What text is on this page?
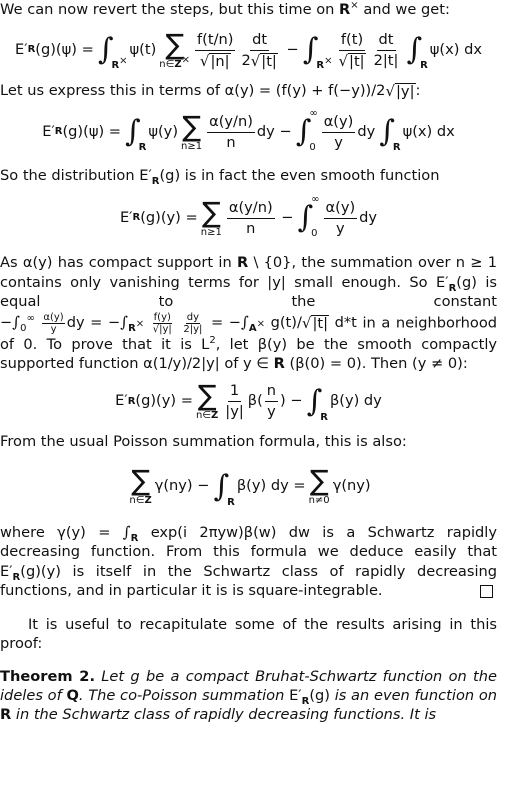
We can now revert the steps, but this time on R× and we get:

E ′ R (g)(ψ) = ∫

R×
ψ(t) ∑
n∈Z× $\frac{f(t/n)}{√ |n|} \frac{dt}{2 √ |t|}$ − ∫

$R^\times \frac{f(t)}{√ |t|} \frac{dt}{2|t|}$ ∫

R
ψ(x) dx

Let us express this in terms of α(y) = (f(y) + f(−y))/2 √ |y| :

E ′ R (g)(ψ) = ∫

R
ψ(y) ∑
$n\ge 1 \frac{\alpha(y/n)}{n}$ dy − ∫
∞
$0 \frac{\alpha(y)}{y}$ dy ∫

R
ψ(x) dx

So the distribution $E'_R(g)$ is in fact the even smooth function

E′ R (g)(y) = ∑
$n\ge 1 \frac{\alpha(y/n)}{n}$ − ∫
∞
$0 \frac{\alpha(y)}{y}$ dy

As α(y) has compact support in R \ {0}, the summation over n ≥ 1 contains only vanishing terms for |y| small enough. So $E'_R(g)$ is equal to the constant $-\int_0^\infty \frac{\alpha(y)}{y}$ dy = $-\int_{R^\times} \frac{f(y)}{√|y|}$
$\frac{dy}{2|y|} = -\int_{A^\times}$ g(t)/ √ |t| d*t in a neighborhood of 0. To prove that it is $L^2$, let β(y) be the smooth compactly supported function α(1/y)/2|y| of y ∈ R (β(0) = 0). Then (y ≠ 0):

E′ R (g)(y) = ∑
n∈Z $\frac{1}{|y|} \beta( \frac{n}{y}$ ) − ∫

R
β(y) dy

From the usual Poisson summation formula, this is also:

∑
n∈Z
γ(ny) − ∫

R
β(y) dy = ∑
n≠0
γ(ny)

where $\gamma(y) = \int_R$ exp(i 2πyw)β(w) dw is a Schwartz rapidly decreasing function. From this formula we deduce easily that $E'_R(g)(y)$ is itself in the Schwartz class of rapidly decreasing functions, and in particular it is is square-integrable.

It is useful to recapitulate some of the results arising in this proof:

Theorem 2. Let g be a compact Bruhat-Schwartz function on the ideles of Q. The co-Poisson summation $E'_R(g)$ is an even function on R in the Schwartz class of rapidly decreasing functions. It is
